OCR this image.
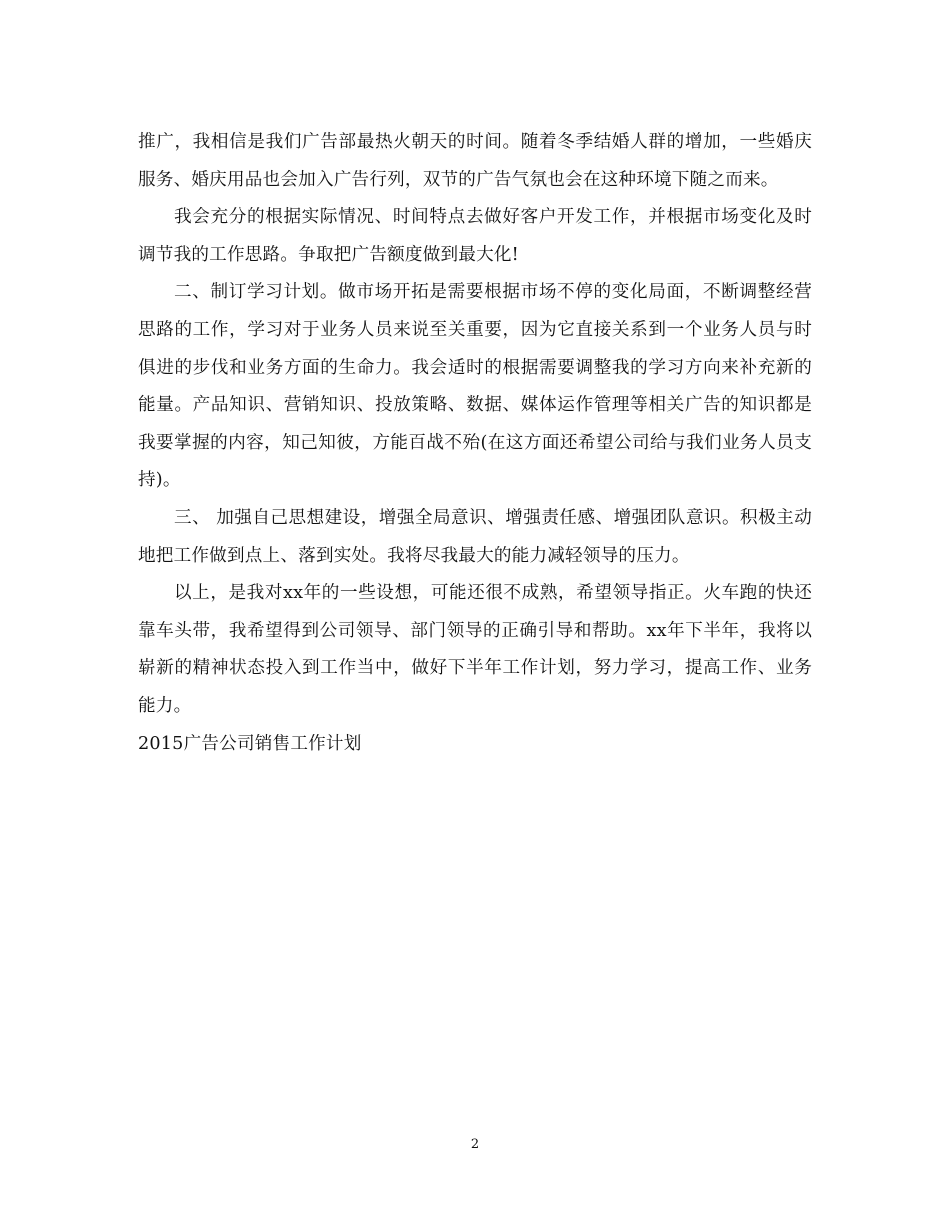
推广，我相信是我们广告部最热火朝天的时间。随着冬季结婚人群的增加，一些婚庆服务、婚庆用品也会加入广告行列，双节的广告气氛也会在这种环境下随之而来。

我会充分的根据实际情况、时间特点去做好客户开发工作，并根据市场变化及时调节我的工作思路。争取把广告额度做到最大化!

二、制订学习计划。做市场开拓是需要根据市场不停的变化局面，不断调整经营思路的工作，学习对于业务人员来说至关重要，因为它直接关系到一个业务人员与时俱进的步伐和业务方面的生命力。我会适时的根据需要调整我的学习方向来补充新的能量。产品知识、营销知识、投放策略、数据、媒体运作管理等相关广告的知识都是我要掌握的内容，知己知彼，方能百战不殆(在这方面还希望公司给与我们业务人员支持)。

三、 加强自己思想建设，增强全局意识、增强责任感、增强团队意识。积极主动地把工作做到点上、落到实处。我将尽我最大的能力减轻领导的压力。

以上，是我对xx年的一些设想，可能还很不成熟，希望领导指正。火车跑的快还靠车头带，我希望得到公司领导、部门领导的正确引导和帮助。xx年下半年，我将以崭新的精神状态投入到工作当中，做好下半年工作计划，努力学习，提高工作、业务能力。

2015广告公司销售工作计划

2
